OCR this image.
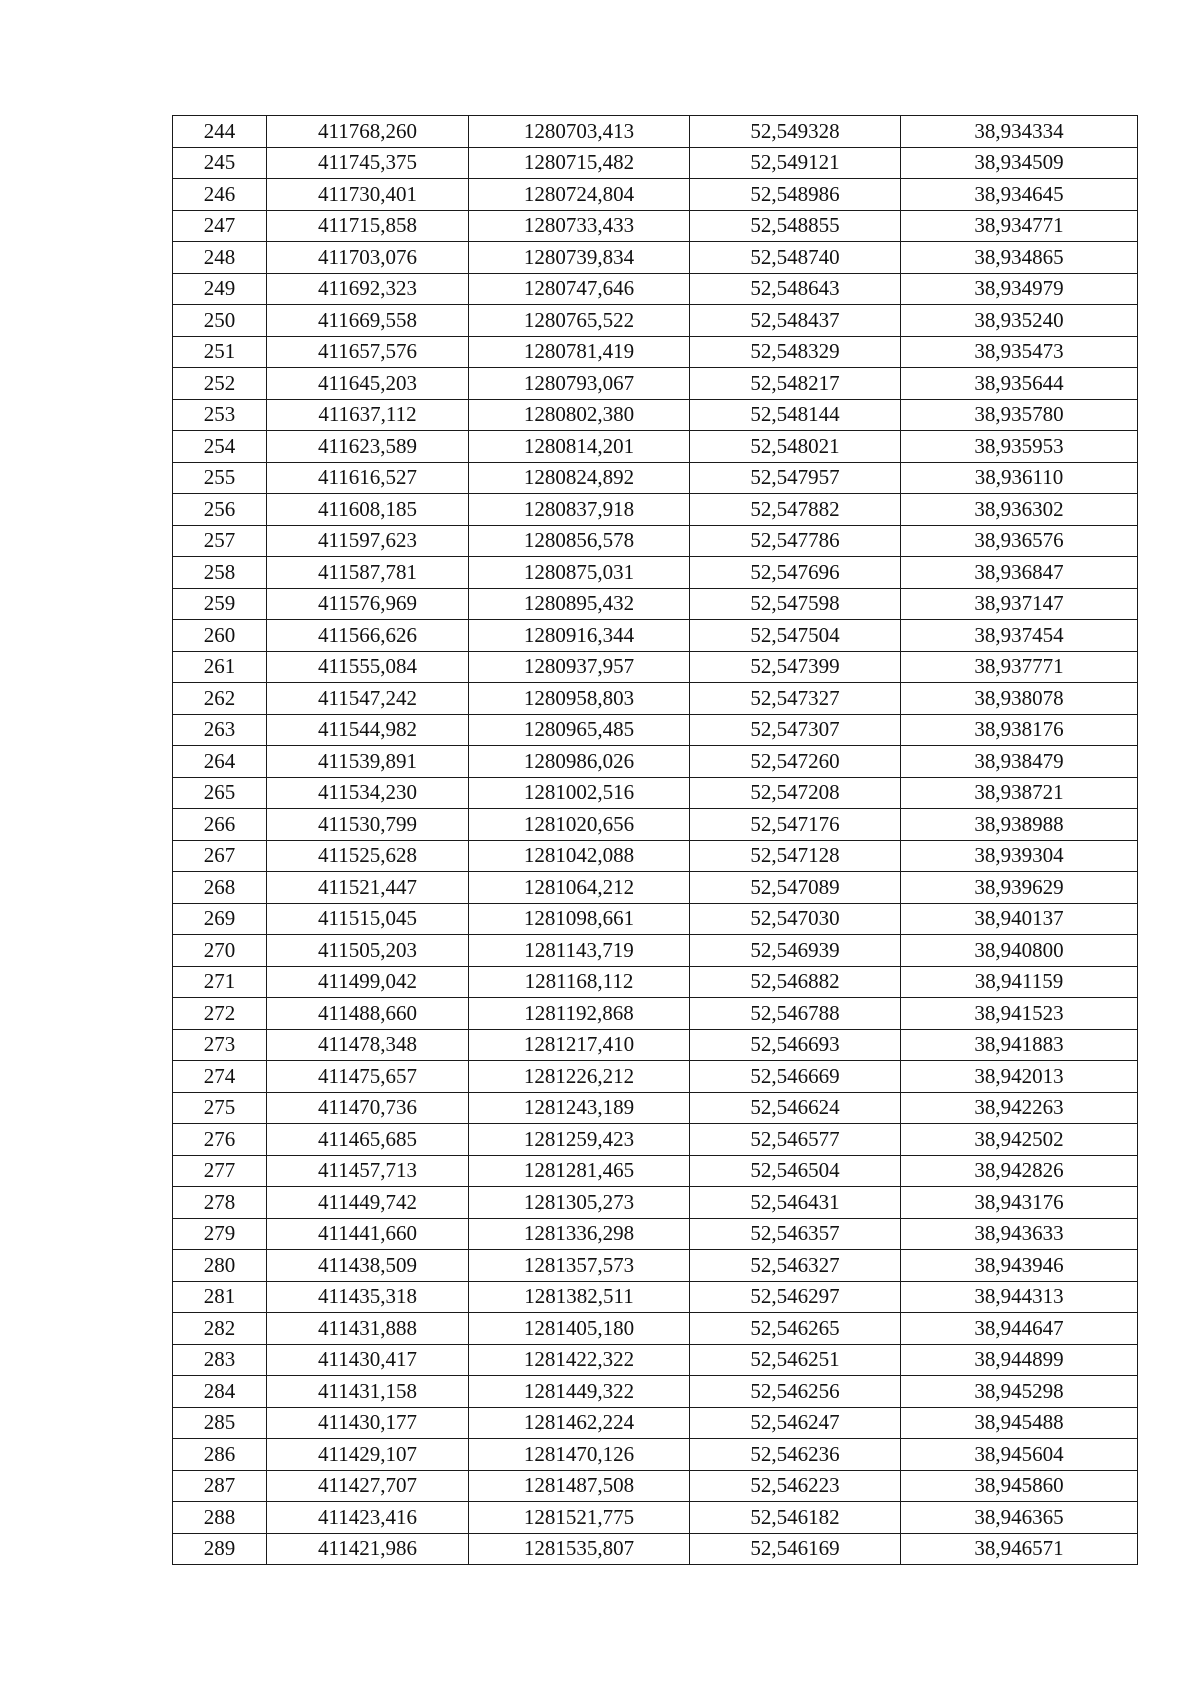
244	411768,260	1280703,413	52,549328	38,934334
245	411745,375	1280715,482	52,549121	38,934509
246	411730,401	1280724,804	52,548986	38,934645
247	411715,858	1280733,433	52,548855	38,934771
248	411703,076	1280739,834	52,548740	38,934865
249	411692,323	1280747,646	52,548643	38,934979
250	411669,558	1280765,522	52,548437	38,935240
251	411657,576	1280781,419	52,548329	38,935473
252	411645,203	1280793,067	52,548217	38,935644
253	411637,112	1280802,380	52,548144	38,935780
254	411623,589	1280814,201	52,548021	38,935953
255	411616,527	1280824,892	52,547957	38,936110
256	411608,185	1280837,918	52,547882	38,936302
257	411597,623	1280856,578	52,547786	38,936576
258	411587,781	1280875,031	52,547696	38,936847
259	411576,969	1280895,432	52,547598	38,937147
260	411566,626	1280916,344	52,547504	38,937454
261	411555,084	1280937,957	52,547399	38,937771
262	411547,242	1280958,803	52,547327	38,938078
263	411544,982	1280965,485	52,547307	38,938176
264	411539,891	1280986,026	52,547260	38,938479
265	411534,230	1281002,516	52,547208	38,938721
266	411530,799	1281020,656	52,547176	38,938988
267	411525,628	1281042,088	52,547128	38,939304
268	411521,447	1281064,212	52,547089	38,939629
269	411515,045	1281098,661	52,547030	38,940137
270	411505,203	1281143,719	52,546939	38,940800
271	411499,042	1281168,112	52,546882	38,941159
272	411488,660	1281192,868	52,546788	38,941523
273	411478,348	1281217,410	52,546693	38,941883
274	411475,657	1281226,212	52,546669	38,942013
275	411470,736	1281243,189	52,546624	38,942263
276	411465,685	1281259,423	52,546577	38,942502
277	411457,713	1281281,465	52,546504	38,942826
278	411449,742	1281305,273	52,546431	38,943176
279	411441,660	1281336,298	52,546357	38,943633
280	411438,509	1281357,573	52,546327	38,943946
281	411435,318	1281382,511	52,546297	38,944313
282	411431,888	1281405,180	52,546265	38,944647
283	411430,417	1281422,322	52,546251	38,944899
284	411431,158	1281449,322	52,546256	38,945298
285	411430,177	1281462,224	52,546247	38,945488
286	411429,107	1281470,126	52,546236	38,945604
287	411427,707	1281487,508	52,546223	38,945860
288	411423,416	1281521,775	52,546182	38,946365
289	411421,986	1281535,807	52,546169	38,946571
